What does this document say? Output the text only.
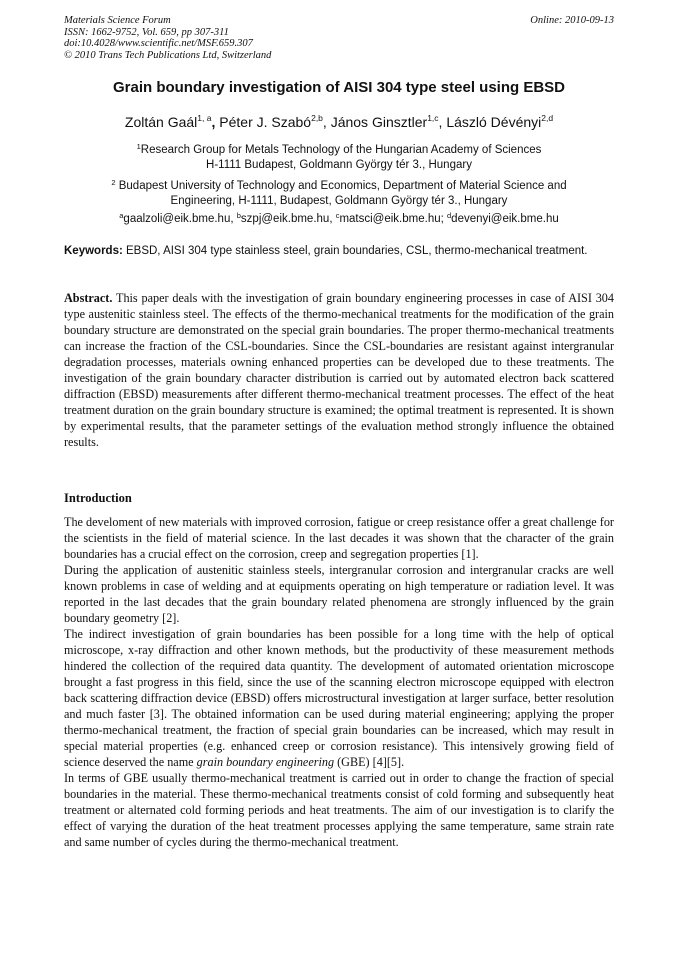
Materials Science Forum
ISSN: 1662-9752, Vol. 659, pp 307-311
doi:10.4028/www.scientific.net/MSF.659.307
© 2010 Trans Tech Publications Ltd, Switzerland
Online: 2010-09-13
Grain boundary investigation of AISI 304 type steel using EBSD
Zoltán Gaál$^{1, a}$, Péter J. Szabó$^{2,b}$, János Ginsztler$^{1,c}$, László Dévényi$^{2,d}$
$^1$Research Group for Metals Technology of the Hungarian Academy of Sciences
H-1111 Budapest, Goldmann György tér 3., Hungary
$^2$ Budapest University of Technology and Economics, Department of Material Science and
Engineering, H-1111, Budapest, Goldmann György tér 3., Hungary
$^a$gaalzoli@eik.bme.hu, $^b$szpj@eik.bme.hu, $^c$matsci@eik.bme.hu; $^d$devenyi@eik.bme.hu
Keywords: EBSD, AISI 304 type stainless steel, grain boundaries, CSL, thermo-mechanical treatment.

Abstract. This paper deals with the investigation of grain boundary engineering processes in case of AISI 304 type austenitic stainless steel. The effects of the thermo-mechanical treatments for the modification of the grain boundary structure are demonstrated on the special grain boundaries. The proper thermo-mechanical treatments can increase the fraction of the CSL-boundaries. Since the CSL-boundaries are resistant against intergranular degradation processes, materials owning enhanced properties can be developed due to these treatments. The investigation of the grain boundary character distribution is carried out by automated electron back scattered diffraction (EBSD) measurements after different thermo-mechanical treatment processes. The effect of the heat treatment duration on the grain boundary structure is examined; the optimal treatment is represented. It is shown by experimental results, that the parameter settings of the evaluation method strongly influence the obtained results.

Introduction

The develoment of new materials with improved corrosion, fatigue or creep resistance offer a great challenge for the scientists in the field of material science. In the last decades it was shown that the character of the grain boundaries has a crucial effect on the corrosion, creep and segregation properties [1].

During the application of austenitic stainless steels, intergranular corrosion and intergranular cracks are well known problems in case of welding and at equipments operating on high temperature or radiation level. It was reported in the last decades that the grain boundary related phenomena are strongly influenced by the grain boundary geometry [2].

The indirect investigation of grain boundaries has been possible for a long time with the help of optical microscope, x-ray diffraction and other known methods, but the productivity of these measurement methods hindered the collection of the required data quantity. The development of automated orientation microscope brought a fast progress in this field, since the use of the scanning electron microscope equipped with electron back scattering diffraction device (EBSD) offers microstructural investigation at larger surface, better resolution and much faster [3]. The obtained information can be used during material engineering; applying the proper thermo-mechanical treatment, the fraction of special grain boundaries can be increased, which may result in special material properties (e.g. enhanced creep or corrosion resistance). This intensively growing field of science deserved the name grain boundary engineering (GBE) [4][5].

In terms of GBE usually thermo-mechanical treatment is carried out in order to change the fraction of special boundaries in the material. These thermo-mechanical treatments consist of cold forming and subsequently heat treatment or alternated cold forming periods and heat treatments. The aim of our investigation is to clarify the effect of varying the duration of the heat treatment processes applying the same temperature, same strain rate and same number of cycles during the thermo-mechanical treatment.
